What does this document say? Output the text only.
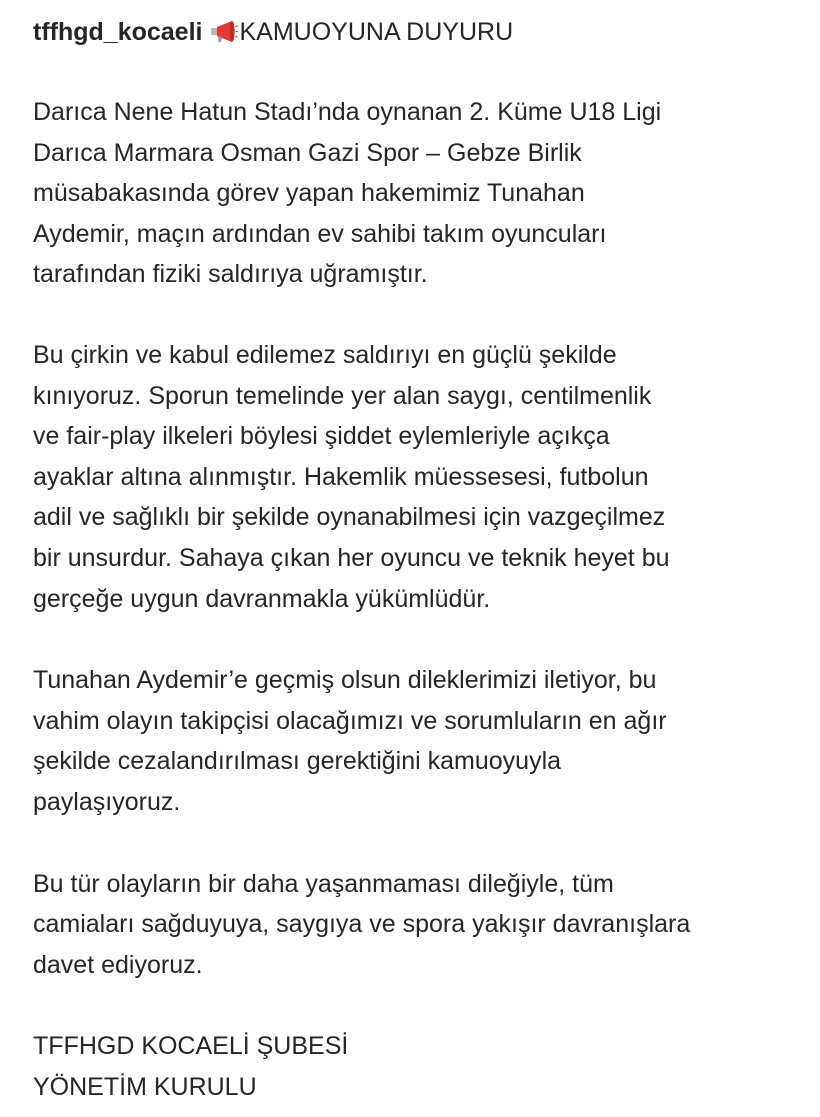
tffhgd_kocaeli KAMUOYUNA DUYURU

Darıca Nene Hatun Stadı’nda oynanan 2. Küme U18 Ligi
Darıca Marmara Osman Gazi Spor – Gebze Birlik
müsabakasında görev yapan hakemimiz Tunahan
Aydemir, maçın ardından ev sahibi takım oyuncuları
tarafından fiziki saldırıya uğramıştır.

Bu çirkin ve kabul edilemez saldırıyı en güçlü şekilde
kınıyoruz. Sporun temelinde yer alan saygı, centilmenlik
ve fair-play ilkeleri böylesi şiddet eylemleriyle açıkça
ayaklar altına alınmıştır. Hakemlik müessesesi, futbolun
adil ve sağlıklı bir şekilde oynanabilmesi için vazgeçilmez
bir unsurdur. Sahaya çıkan her oyuncu ve teknik heyet bu
gerçeğe uygun davranmakla yükümlüdür.

Tunahan Aydemir’e geçmiş olsun dileklerimizi iletiyor, bu
vahim olayın takipçisi olacağımızı ve sorumluların en ağır
şekilde cezalandırılması gerektiğini kamuoyuyla
paylaşıyoruz.

Bu tür olayların bir daha yaşanmaması dileğiyle, tüm
camiaları sağduyuya, saygıya ve spora yakışır davranışlara
davet ediyoruz.

TFFHGD KOCAELİ ŞUBESİ
YÖNETİM KURULU
